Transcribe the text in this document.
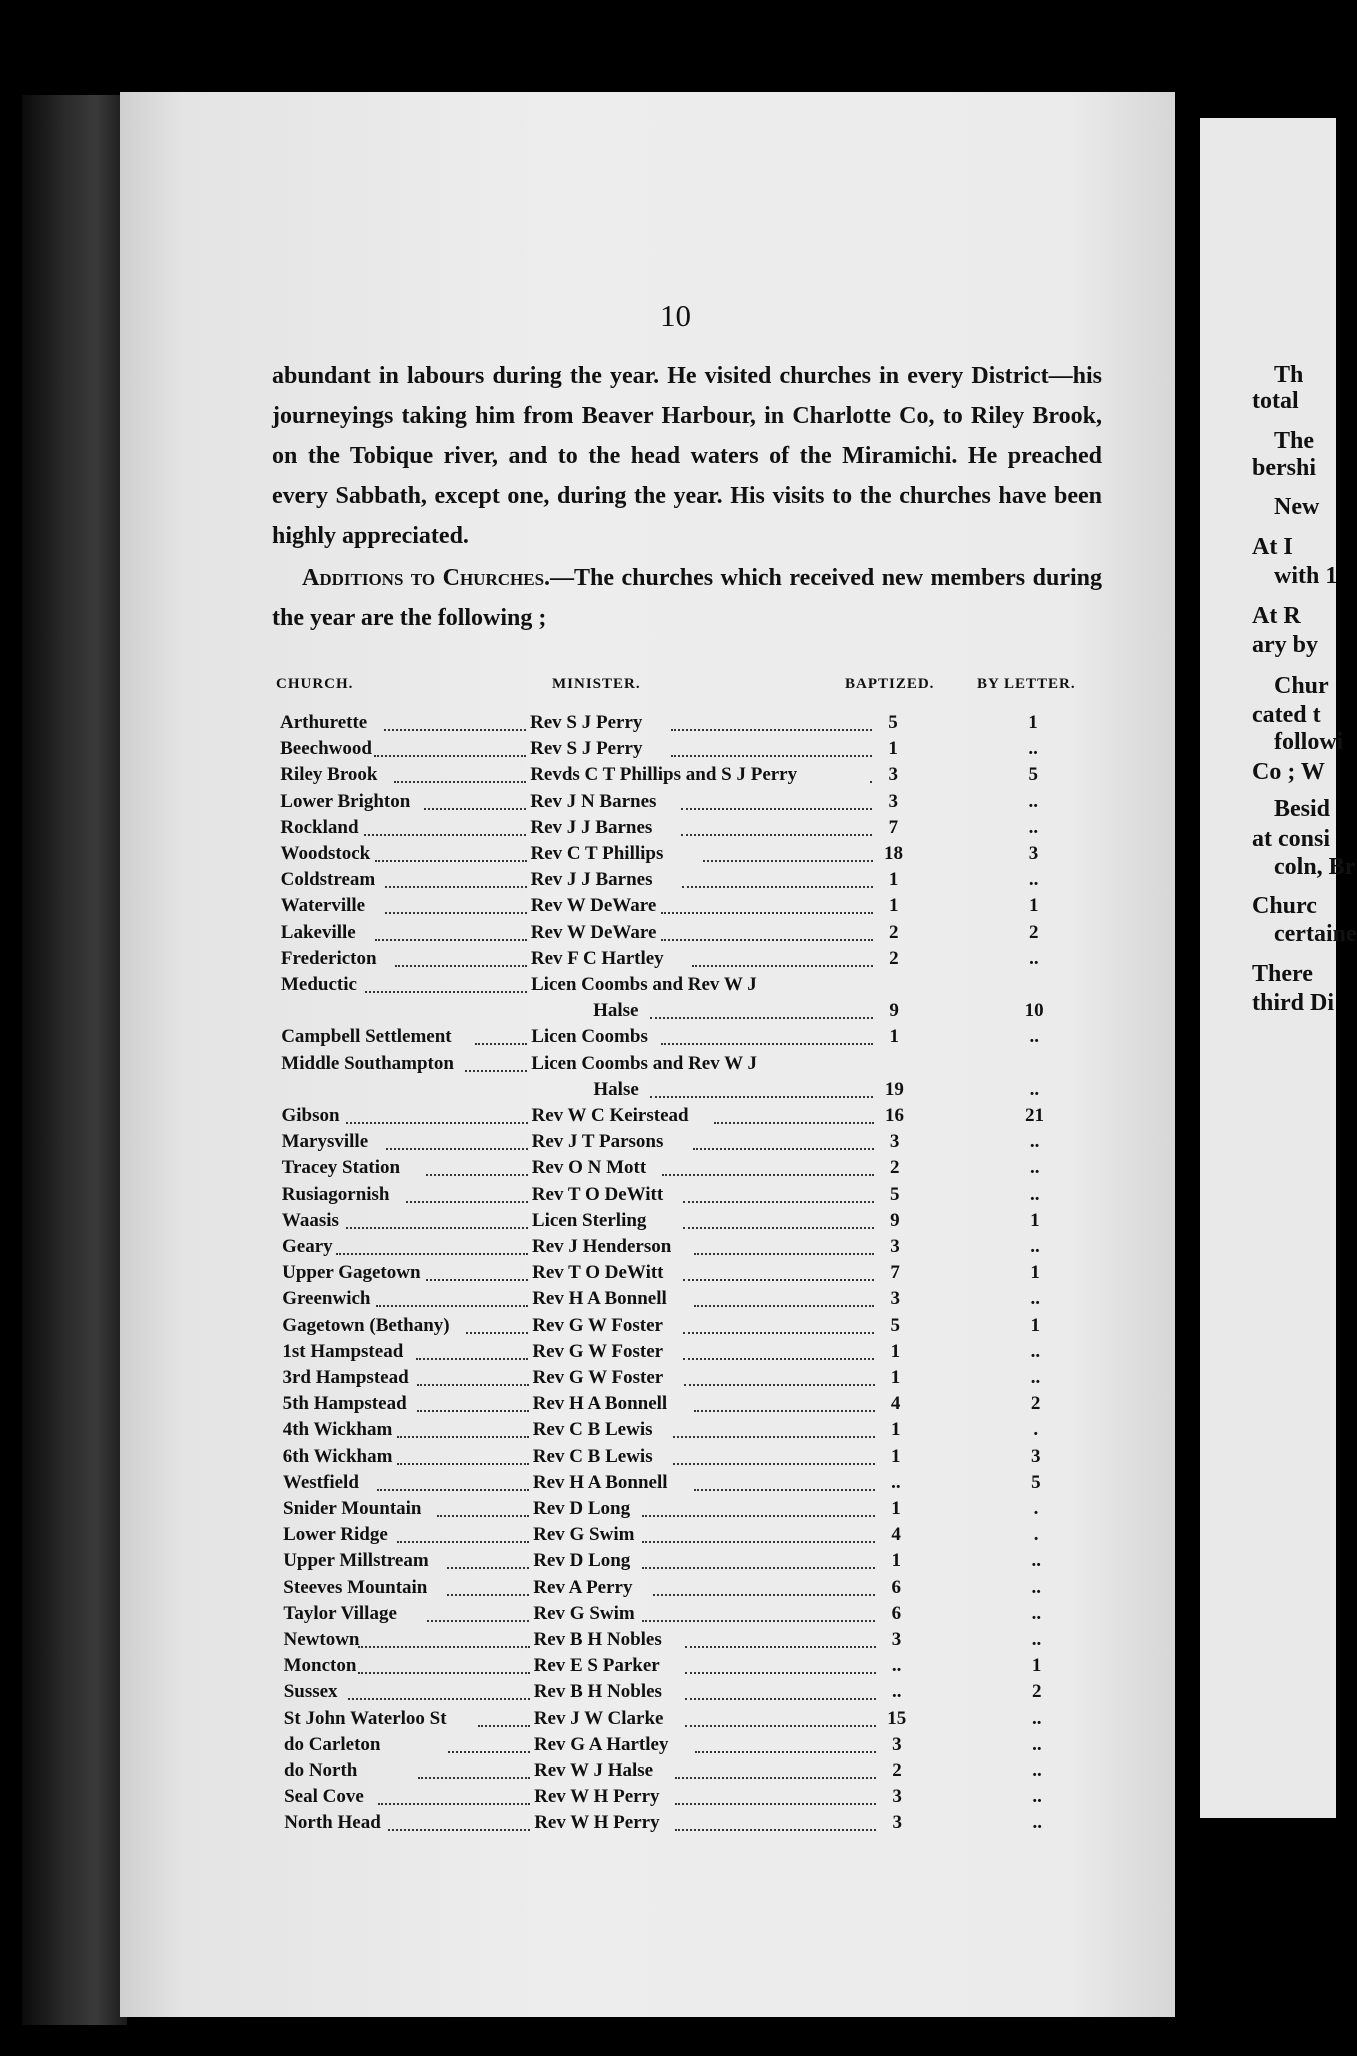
Th
total
The
bershi
New
At I
with 1
At R
ary by
Chur
cated t
followi
Co ; W
Besid
at consi
coln, Br
Churc
certaine
There
third Di
10
abundant in labours during the year. He visited churches in every District—his journeyings taking him from Beaver Harbour, in Charlotte Co, to Riley Brook, on the Tobique river, and to the head waters of the Miramichi. He preached every Sabbath, except one, during the year. His visits to the churches have been highly appreciated.
Additions to Churches.—The churches which received new members during the year are the following ;
CHURCH.	MINISTER.	BAPTIZED.	BY LETTER.
Arthurette	Rev S J Perry	5	1
Beechwood	Rev S J Perry	1	..
Riley Brook	Revds C T Phillips and S J Perry	3	5
Lower Brighton	Rev J N Barnes	3	..
Rockland	Rev J J Barnes	7	..
Woodstock	Rev C T Phillips	18	3
Coldstream	Rev J J Barnes	1	..
Waterville	Rev W DeWare	1	1
Lakeville	Rev W DeWare	2	2
Fredericton	Rev F C Hartley	2	..
Meductic	Licen Coombs and Rev W J
Halse	9	10
Campbell Settlement	Licen Coombs	1	..
Middle Southampton	Licen Coombs and Rev W J
Halse	19	..
Gibson	Rev W C Keirstead	16	21
Marysville	Rev J T Parsons	3	..
Tracey Station	Rev O N Mott	2	..
Rusiagornish	Rev T O DeWitt	5	..
Waasis	Licen Sterling	9	1
Geary	Rev J Henderson	3	..
Upper Gagetown	Rev T O DeWitt	7	1
Greenwich	Rev H A Bonnell	3	..
Gagetown (Bethany)	Rev G W Foster	5	1
1st Hampstead	Rev G W Foster	1	..
3rd Hampstead	Rev G W Foster	1	..
5th Hampstead	Rev H A Bonnell	4	2
4th Wickham	Rev C B Lewis	1	.
6th Wickham	Rev C B Lewis	1	3
Westfield	Rev H A Bonnell	..	5
Snider Mountain	Rev D Long	1	.
Lower Ridge	Rev G Swim	4	.
Upper Millstream	Rev D Long	1	..
Steeves Mountain	Rev A Perry	6	..
Taylor Village	Rev G Swim	6	..
Newtown	Rev B H Nobles	3	..
Moncton	Rev E S Parker	..	1
Sussex	Rev B H Nobles	..	2
St John Waterloo St	Rev J W Clarke	15	..
do Carleton	Rev G A Hartley	3	..
do North	Rev W J Halse	2	..
Seal Cove	Rev W H Perry	3	..
North Head	Rev W H Perry	3	..
